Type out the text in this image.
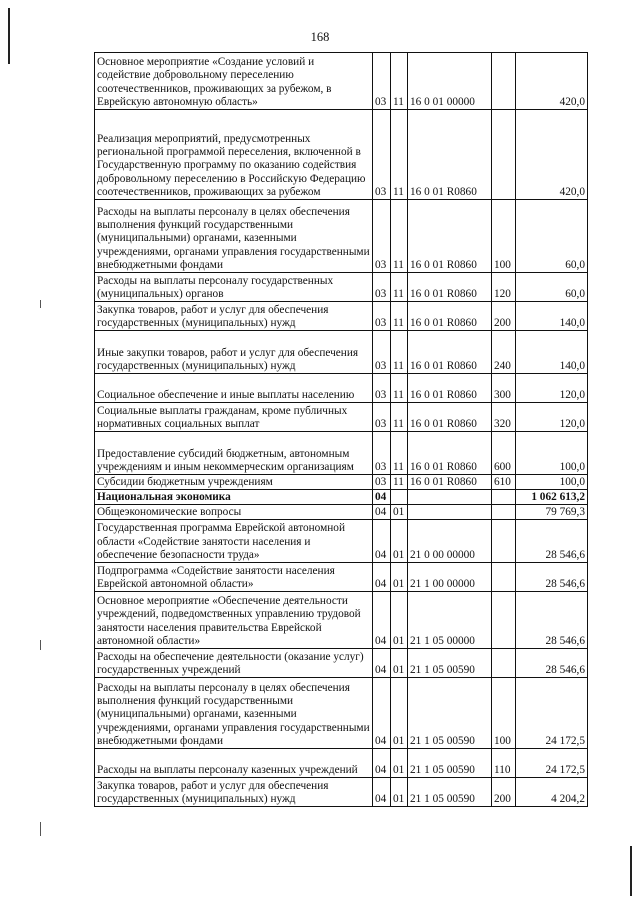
168
Основное мероприятие «Создание условий и содействие добровольному переселению соотечественников, проживающих за рубежом, в Еврейскую автономную область»	03	11	16 0 01 00000		420,0
Реализация мероприятий, предусмотренных региональной программой переселения, включенной в Государственную программу по оказанию содействия добровольному переселению в Российскую Федерацию соотечественников, проживающих за рубежом	03	11	16 0 01 R0860		420,0
Расходы на выплаты персоналу в целях обеспечения выполнения функций государственными (муниципальными) органами, казенными учреждениями, органами управления государственными внебюджетными фондами	03	11	16 0 01 R0860	100	60,0
Расходы на выплаты персоналу государственных (муниципальных) органов	03	11	16 0 01 R0860	120	60,0
Закупка товаров, работ и услуг для обеспечения государственных (муниципальных) нужд	03	11	16 0 01 R0860	200	140,0
Иные закупки товаров, работ и услуг для обеспечения государственных (муниципальных) нужд	03	11	16 0 01 R0860	240	140,0
Социальное обеспечение и иные выплаты населению	03	11	16 0 01 R0860	300	120,0
Социальные выплаты гражданам, кроме публичных нормативных социальных выплат	03	11	16 0 01 R0860	320	120,0
Предоставление субсидий бюджетным, автономным учреждениям и иным некоммерческим организациям	03	11	16 0 01 R0860	600	100,0
Субсидии бюджетным учреждениям	03	11	16 0 01 R0860	610	100,0
Национальная экономика	04				1 062 613,2
Общеэкономические вопросы	04	01			79 769,3
Государственная программа Еврейской автономной области «Содействие занятости населения и обеспечение безопасности труда»	04	01	21 0 00 00000		28 546,6
Подпрограмма «Содействие занятости населения Еврейской автономной области»	04	01	21 1 00 00000		28 546,6
Основное мероприятие «Обеспечение деятельности учреждений, подведомственных управлению трудовой занятости населения правительства Еврейской автономной области»	04	01	21 1 05 00000		28 546,6
Расходы на обеспечение деятельности (оказание услуг) государственных учреждений	04	01	21 1 05 00590		28 546,6
Расходы на выплаты персоналу в целях обеспечения выполнения функций государственными (муниципальными) органами, казенными учреждениями, органами управления государственными внебюджетными фондами	04	01	21 1 05 00590	100	24 172,5
Расходы на выплаты персоналу казенных учреждений	04	01	21 1 05 00590	110	24 172,5
Закупка товаров, работ и услуг для обеспечения государственных (муниципальных) нужд	04	01	21 1 05 00590	200	4 204,2
